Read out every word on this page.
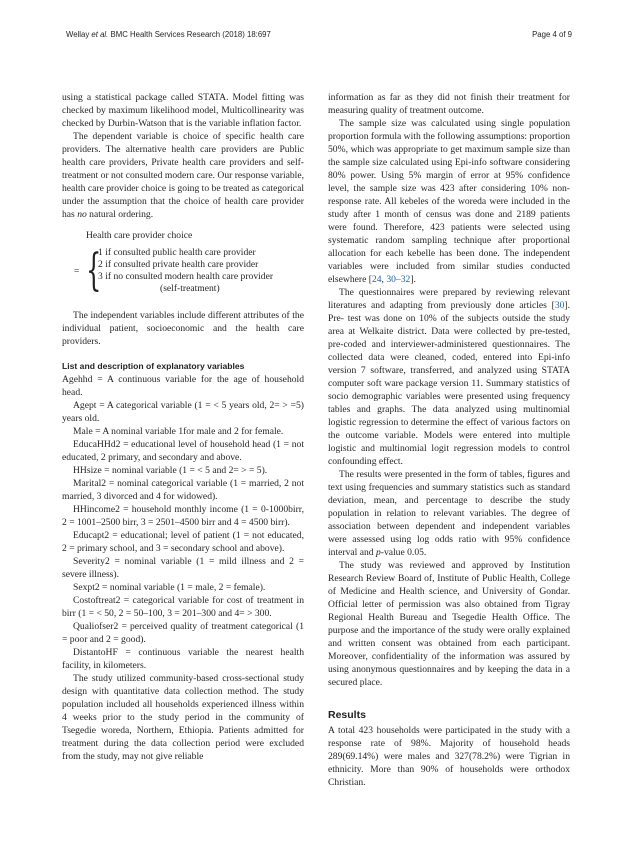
Wellay et al. BMC Health Services Research (2018) 18:697	Page 4 of 9

using a statistical package called STATA. Model fitting was checked by maximum likelihood model, Multicollinearity was checked by Durbin-Watson that is the variable inflation factor.

The dependent variable is choice of specific health care providers. The alternative health care providers are Public health care providers, Private health care providers and self-treatment or not consulted modern care. Our response variable, health care provider choice is going to be treated as categorical under the assumption that the choice of health care provider has no natural ordering.

Health care provider choice
= {
1 if consulted public health care provider
2 if consulted private health care provider
3 if no consulted modern health care provider
(self-treatment)

The independent variables include different attributes of the individual patient, socioeconomic and the health care providers.

List and description of explanatory variables

Agehhd = A continuous variable for the age of household head.

Agept = A categorical variable (1 = < 5 years old, 2= > =5) years old.

Male = A nominal variable 1for male and 2 for female.

EducaHHd2 = educational level of household head (1 = not educated, 2 primary, and secondary and above.

HHsize = nominal variable (1 = < 5 and 2= > = 5).

Marital2 = nominal categorical variable (1 = married, 2 not married, 3 divorced and 4 for widowed).

HHincome2 = household monthly income (1 = 0-1000birr, 2 = 1001–2500 birr, 3 = 2501–4500 birr and 4 = 4500 birr).

Educapt2 = educational; level of patient (1 = not educated, 2 = primary school, and 3 = secondary school and above).

Severity2 = nominal variable (1 = mild illness and 2 = severe illness).

Sexpt2 = nominal variable (1 = male, 2 = female).

Costoftreat2 = categorical variable for cost of treatment in birr (1 = < 50, 2 = 50–100, 3 = 201–300 and 4= > 300.

Qualiofser2 = perceived quality of treatment categorical (1 = poor and 2 = good).

DistantoHF = continuous variable the nearest health facility, in kilometers.

The study utilized community-based cross-sectional study design with quantitative data collection method. The study population included all households experienced illness within 4 weeks prior to the study period in the community of Tsegedie woreda, Northern, Ethiopia. Patients admitted for treatment during the data collection period were excluded from the study, may not give reliable

information as far as they did not finish their treatment for measuring quality of treatment outcome.

The sample size was calculated using single population proportion formula with the following assumptions: proportion 50%, which was appropriate to get maximum sample size than the sample size calculated using Epi-info software considering 80% power. Using 5% margin of error at 95% confidence level, the sample size was 423 after considering 10% non-response rate. All kebeles of the woreda were included in the study after 1 month of census was done and 2189 patients were found. Therefore, 423 patients were selected using systematic random sampling technique after proportional allocation for each kebelle has been done. The independent variables were included from similar studies conducted elsewhere [24, 30–32].

The questionnaires were prepared by reviewing relevant literatures and adapting from previously done articles [30]. Pre- test was done on 10% of the subjects outside the study area at Welkaite district. Data were collected by pre-tested, pre-coded and interviewer-administered questionnaires. The collected data were cleaned, coded, entered into Epi-info version 7 software, transferred, and analyzed using STATA computer soft ware package version 11. Summary statistics of socio demographic variables were presented using frequency tables and graphs. The data analyzed using multinomial logistic regression to determine the effect of various factors on the outcome variable. Models were entered into multiple logistic and multinomial logit regression models to control confounding effect.

The results were presented in the form of tables, figures and text using frequencies and summary statistics such as standard deviation, mean, and percentage to describe the study population in relation to relevant variables. The degree of association between dependent and independent variables were assessed using log odds ratio with 95% confidence interval and p-value 0.05.

The study was reviewed and approved by Institution Research Review Board of, Institute of Public Health, College of Medicine and Health science, and University of Gondar. Official letter of permission was also obtained from Tigray Regional Health Bureau and Tsegedie Health Office. The purpose and the importance of the study were orally explained and written consent was obtained from each participant. Moreover, confidentiality of the information was assured by using anonymous questionnaires and by keeping the data in a secured place.

Results

A total 423 households were participated in the study with a response rate of 98%. Majority of household heads 289(69.14%) were males and 327(78.2%) were Tigrian in ethnicity. More than 90% of households were orthodox Christian.
